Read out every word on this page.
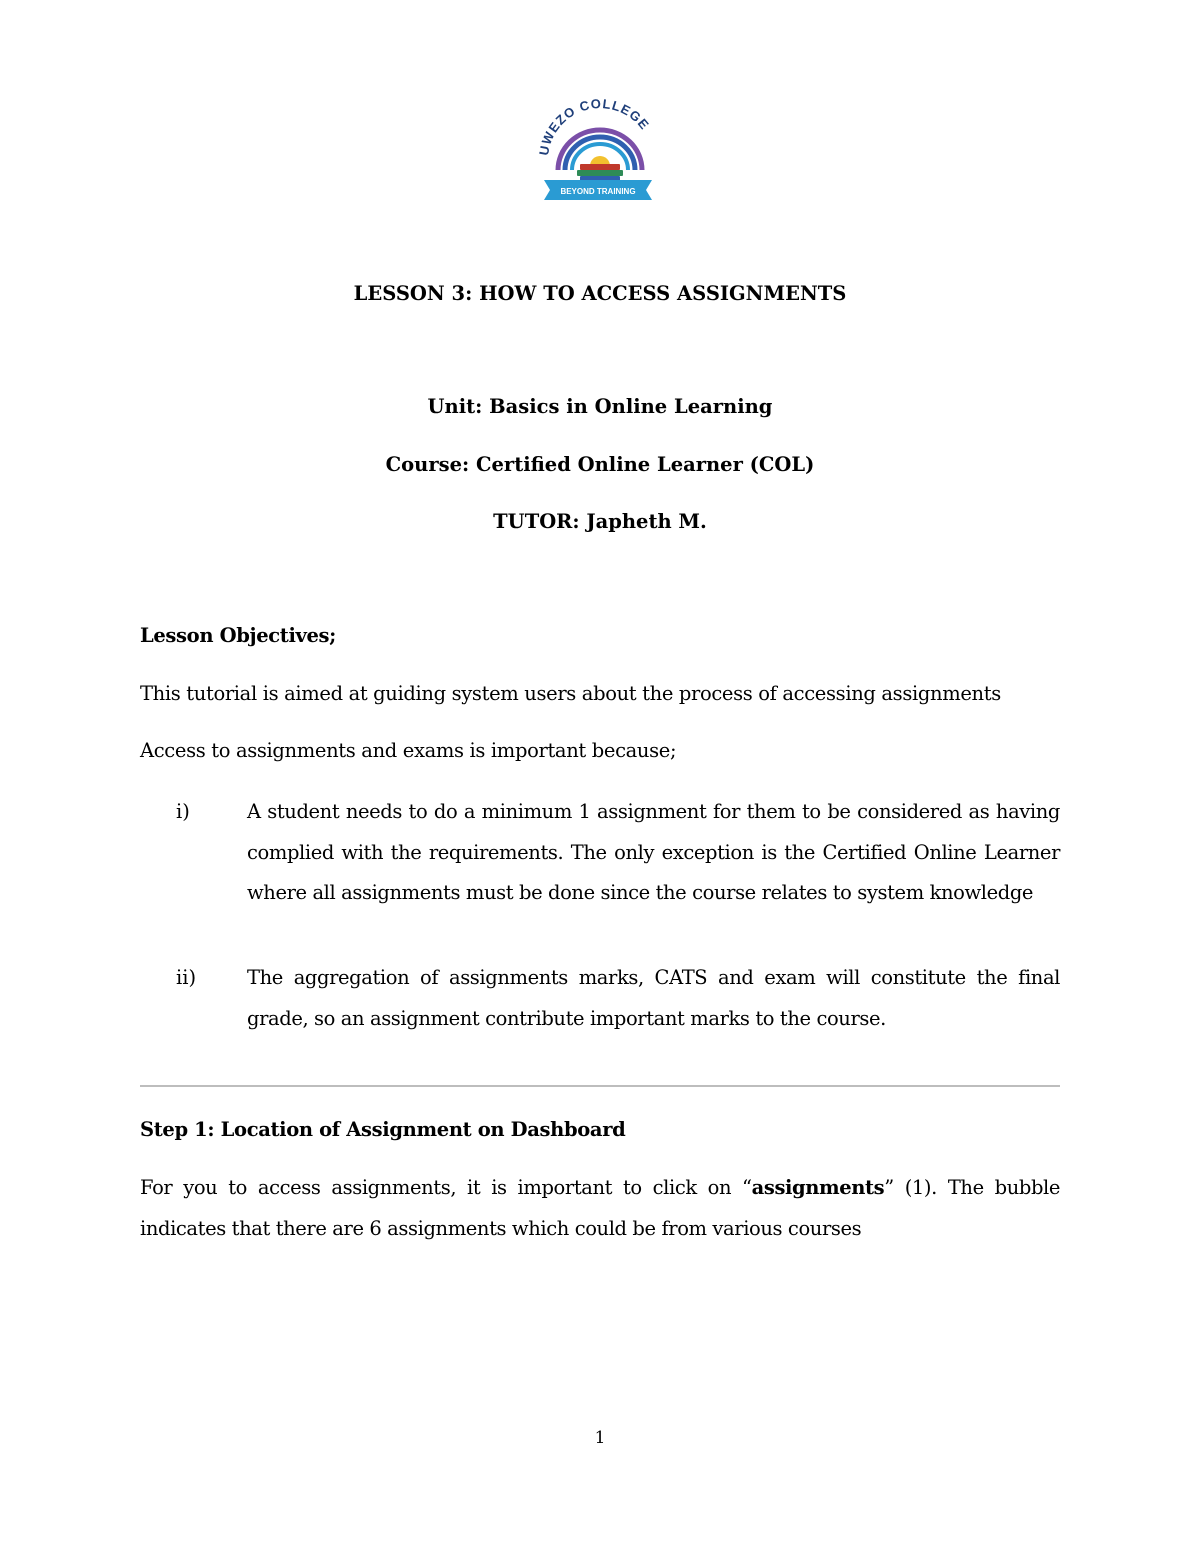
UWEZO COLLEGE
BEYOND TRAINING
LESSON 3: HOW TO ACCESS ASSIGNMENTS
Unit: Basics in Online Learning
Course: Certified Online Learner (COL)
TUTOR: Japheth M.
Lesson Objectives;
This tutorial is aimed at guiding system users about the process of accessing assignments
Access to assignments and exams is important because;
i)	A student needs to do a minimum 1 assignment for them to be considered as having complied with the requirements. The only exception is the Certified Online Learner where all assignments must be done since the course relates to system knowledge
ii)	The aggregation of assignments marks, CATS and exam will constitute the final grade, so an assignment contribute important marks to the course.
Step 1: Location of Assignment on Dashboard
For you to access assignments, it is important to click on “assignments” (1). The bubble indicates that there are 6 assignments which could be from various courses
1
